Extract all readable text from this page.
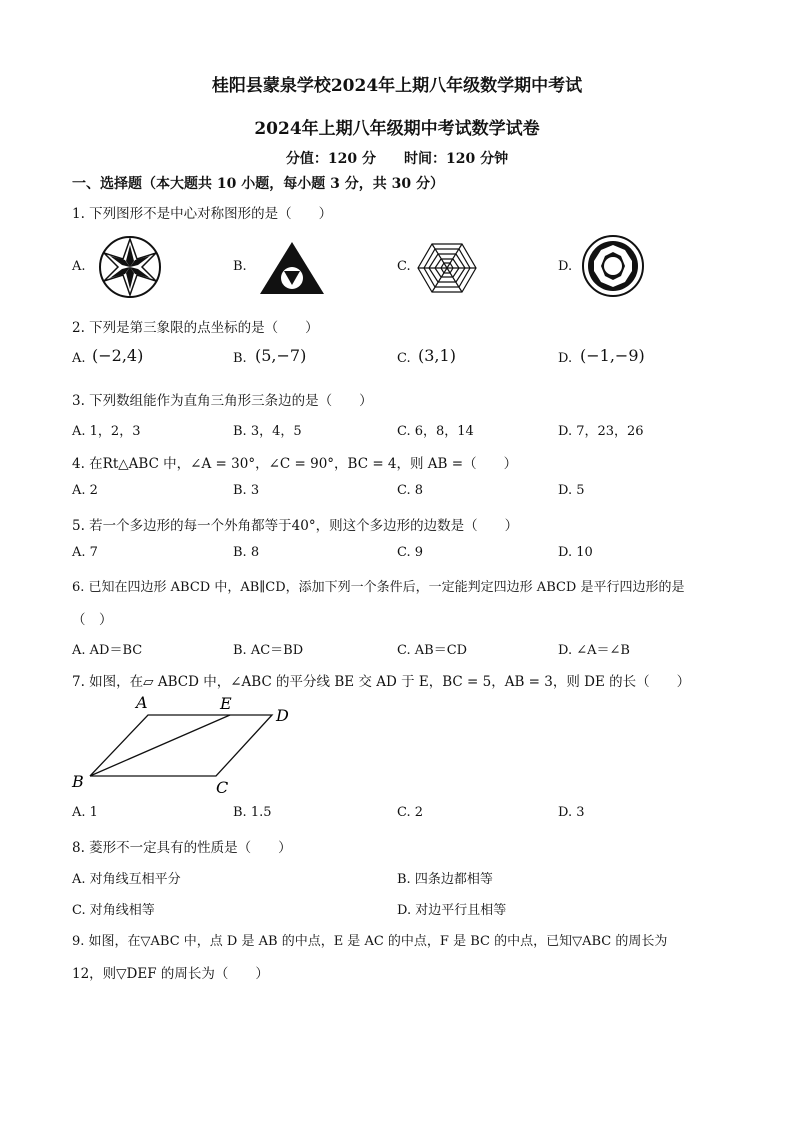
桂阳县蒙泉学校2024年上期八年级数学期中考试
2024年上期八年级期中考试数学试卷
分值：120 分　　时间：120 分钟
一、选择题（本大题共 10 小题，每小题 3 分，共 30 分）
1. 下列图形不是中心对称图形的是（　　）
A.	B.	C.	D.
2. 下列是第三象限的点坐标的是（　　）
A. (−2,4)	B. (5,−7)	C. (3,1)	D. (−1,−9)
3. 下列数组能作为直角三角形三条边的是（　　）
A. 1，2，3	B. 3，4，5	C. 6，8，14	D. 7，23，26
4. 在Rt△ABC 中，∠A = 30°，∠C = 90°，BC = 4，则 AB =（　　）
A. 2	B. 3	C. 8	D. 5
5. 若一个多边形的每一个外角都等于40°，则这个多边形的边数是（　　）
A. 7	B. 8	C. 9	D. 10
6. 已知在四边形 ABCD 中，AB∥CD，添加下列一个条件后，一定能判定四边形 ABCD 是平行四边形的是
（　）
A. AD＝BC	B. AC＝BD	C. AB＝CD	D. ∠A＝∠B
7. 如图，在▱ ABCD 中，∠ABC 的平分线 BE 交 AD 于 E，BC = 5，AB = 3，则 DE 的长（　　）
A	E
D
B	C
A. 1	B. 1.5	C. 2	D. 3
8. 菱形不一定具有的性质是（　　）
A. 对角线互相平分	B. 四条边都相等
C. 对角线相等	D. 对边平行且相等
9. 如图，在▽ABC 中，点 D 是 AB 的中点，E 是 AC 的中点，F 是 BC 的中点，已知▽ABC 的周长为
12，则▽DEF 的周长为（　　）
